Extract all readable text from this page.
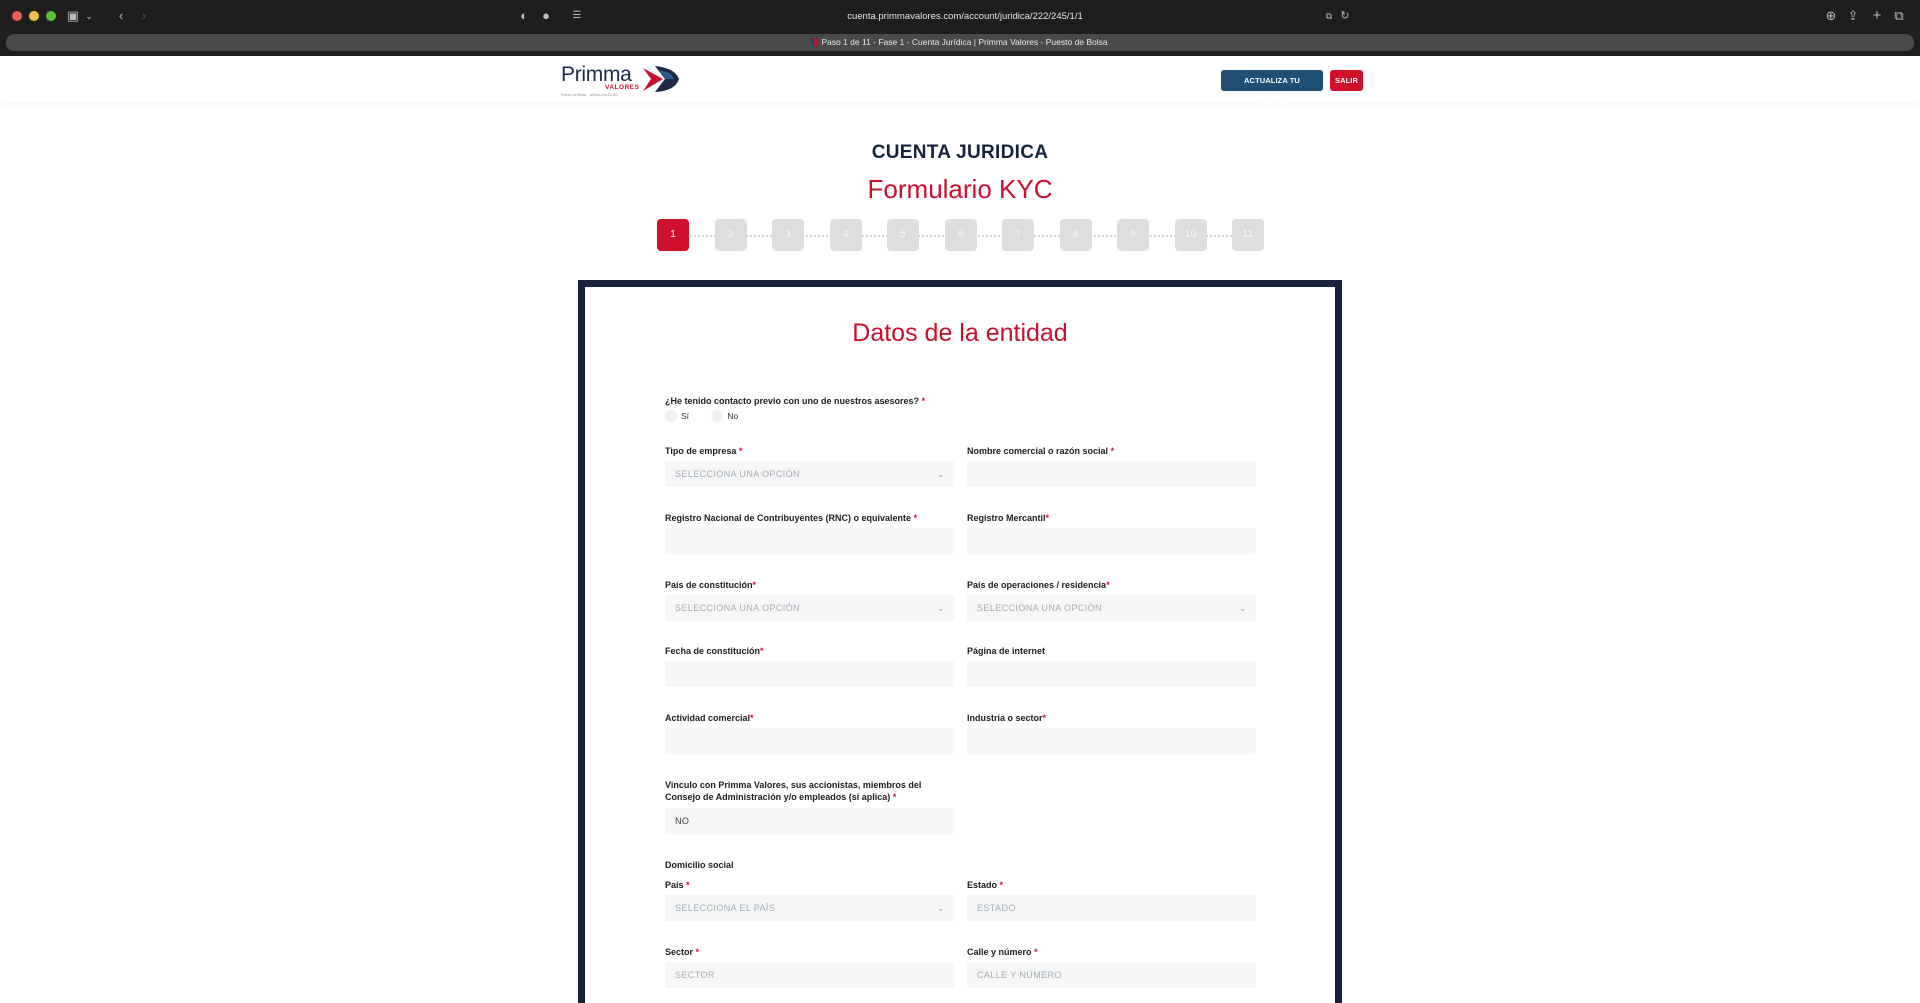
▣ ⌄	‹	›	◐	●	☰	cuenta.primmavalores.com/account/juridica/222/245/1/1	⧉ ↻	⊕ ⇪ + ⧉
Paso 1 de 11 - Fase 1 - Cuenta Jurídica | Primma Valores - Puesto de Bolsa
Primma
VALORES
Puesto de Bolsa · afiliado a la BVRD
ACTUALIZA TU CUENTA
SALIR
CUENTA JURIDICA
Formulario KYC
1	2	3	4	5	6	7	8	9	10	11
Datos de la entidad
¿He tenido contacto previo con uno de nuestros asesores? *
Sí	No
Tipo de empresa *
SELECCIONA UNA OPCIÓN	⌄
Nombre comercial o razón social *
Registro Nacional de Contribuyentes (RNC) o equivalente *	Registro Mercantil*
País de constitución*
SELECCIONA UNA OPCIÓN	⌄
País de operaciones / residencia*
SELECCIONA UNA OPCIÓN	⌄
Fecha de constitución*	Página de internet
Actividad comercial*	Industria o sector*
Vinculo con Primma Valores, sus accionistas, miembros del
Consejo de Administración y/o empleados (si aplica) *
NO
Domicilio social
País *
SELECCIONA EL PAÍS	⌄
Estado *
ESTADO
Sector *
SECTOR
Calle y número *
CALLE Y NÚMERO
